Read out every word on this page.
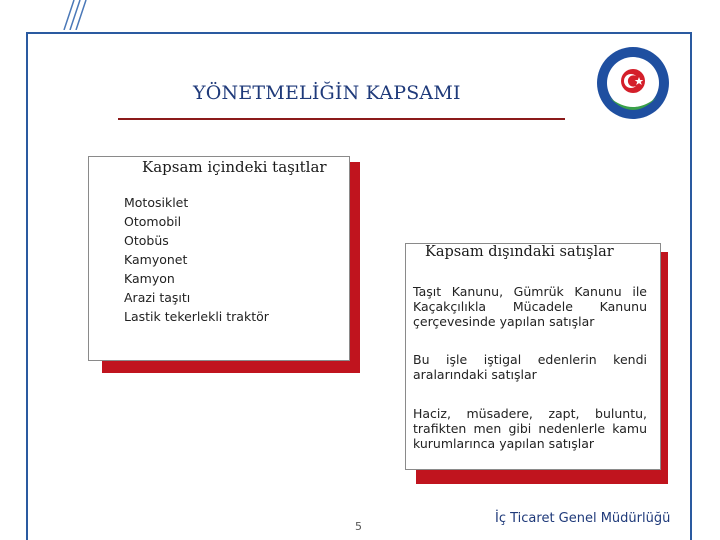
YÖNETMELİĞİN KAPSAMI
Kapsam içindeki taşıtlar
Motosiklet
Otomobil
Otobüs
Kamyonet
Kamyon
Arazi taşıtı
Lastik tekerlekli traktör
Kapsam dışındaki satışlar
Taşıt Kanunu, Gümrük Kanunu ile Kaçakçılıkla Mücadele Kanunu çerçevesinde yapılan satışlar
Bu işle iştigal edenlerin kendi aralarındaki satışlar
Haciz, müsadere, zapt, buluntu, trafikten men gibi nedenlerle kamu kurumlarınca yapılan satışlar
5
İç Ticaret Genel Müdürlüğü
